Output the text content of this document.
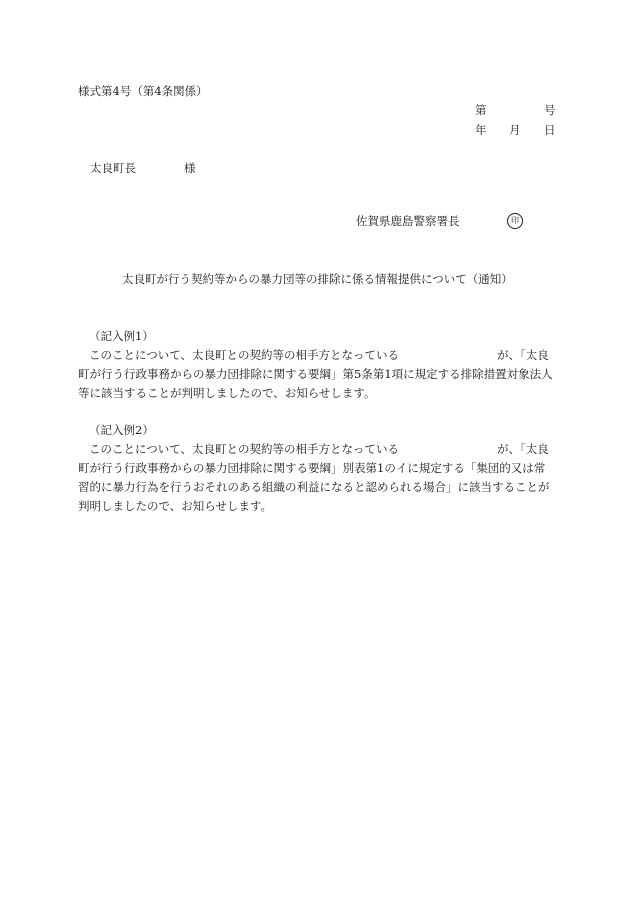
様式第4号（第4条関係）
第	号
年 月 日
太良町長	様
佐賀県鹿島警察署長	印
太良町が行う契約等からの暴力団等の排除に係る情報提供について（通知）

（記入例1）

このことについて、太良町との契約等の相手方となっている	が、「太良町が行う行政事務からの暴力団排除に関する要綱」第5条第1項に規定する排除措置対象法人等に該当することが判明しましたので、お知らせします。

（記入例2）

このことについて、太良町との契約等の相手方となっている	が、「太良町が行う行政事務からの暴力団排除に関する要綱」別表第1のイに規定する「集団的又は常習的に暴力行為を行うおそれのある組織の利益になると認められる場合」に該当することが判明しましたので、お知らせします。
